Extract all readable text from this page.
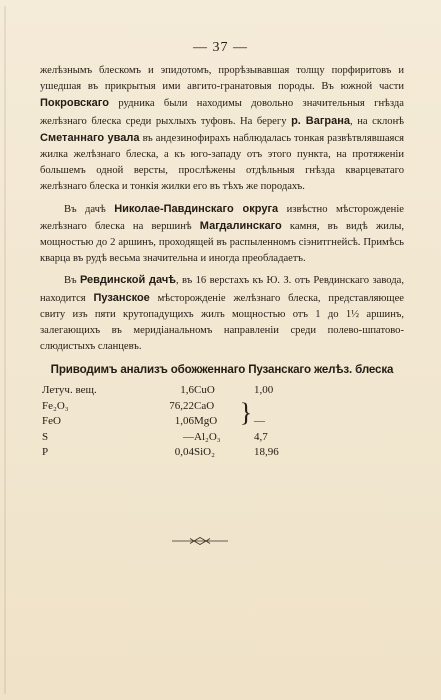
— 37 —

желѣзнымъ блескомъ и эпидотомъ, прорѣзывавшая толщу порфиритовъ и ушедшая въ прикрытыя ими авгито-гранатовыя породы. Въ южной части Покровскаго рудника были находимы довольно значительныя гнѣзда желѣзнаго блеска среди рыхлыхъ туфовъ. На берегу р. Ваграна, на склонѣ Сметаннаго увала въ андезинофирахъ наблюдалась тонкая развѣтвлявшаяся жилка желѣзнаго блеска, а къ юго-западу отъ этого пункта, на протяженіи большемъ одной версты, прослѣжены отдѣльныя гнѣзда кварцеватаго желѣзнаго блеска и тонкія жилки его въ тѣхъ же породахъ.

Въ дачѣ Николае-Павдинскаго округа извѣстно мѣсторожденіе желѣзнаго блеска на вершинѣ Магдалинскаго камня, въ видѣ жилы, мощностью до 2 аршинъ, проходящей въ распыленномъ сіэнитгнейсѣ. Примѣсь кварца въ рудѣ весьма значительна и иногда преобладаетъ.

Въ Ревдинской дачѣ, въ 16 верстахъ къ Ю. З. отъ Ревдинскаго завода, находится Пузанское мѣсторожденіе желѣзнаго блеска, представляющее свиту изъ пяти крутопадущихъ жилъ мощностью отъ 1 до 1½ аршинъ, залегающихъ въ меридіанальномъ направленіи среди полево-шпатово-слюдистыхъ сланцевъ.

Приводимъ анализъ обожженнаго Пузанскаго желѣз. блеска
Летуч. вещ.	1,6	CuO		1,00
Fe₂O₃	76,22	CaO	}	
FeO	1,06	MgO		—
S	—	Al₂O₃		4,7
P	0,04	SiO₂		18,96
